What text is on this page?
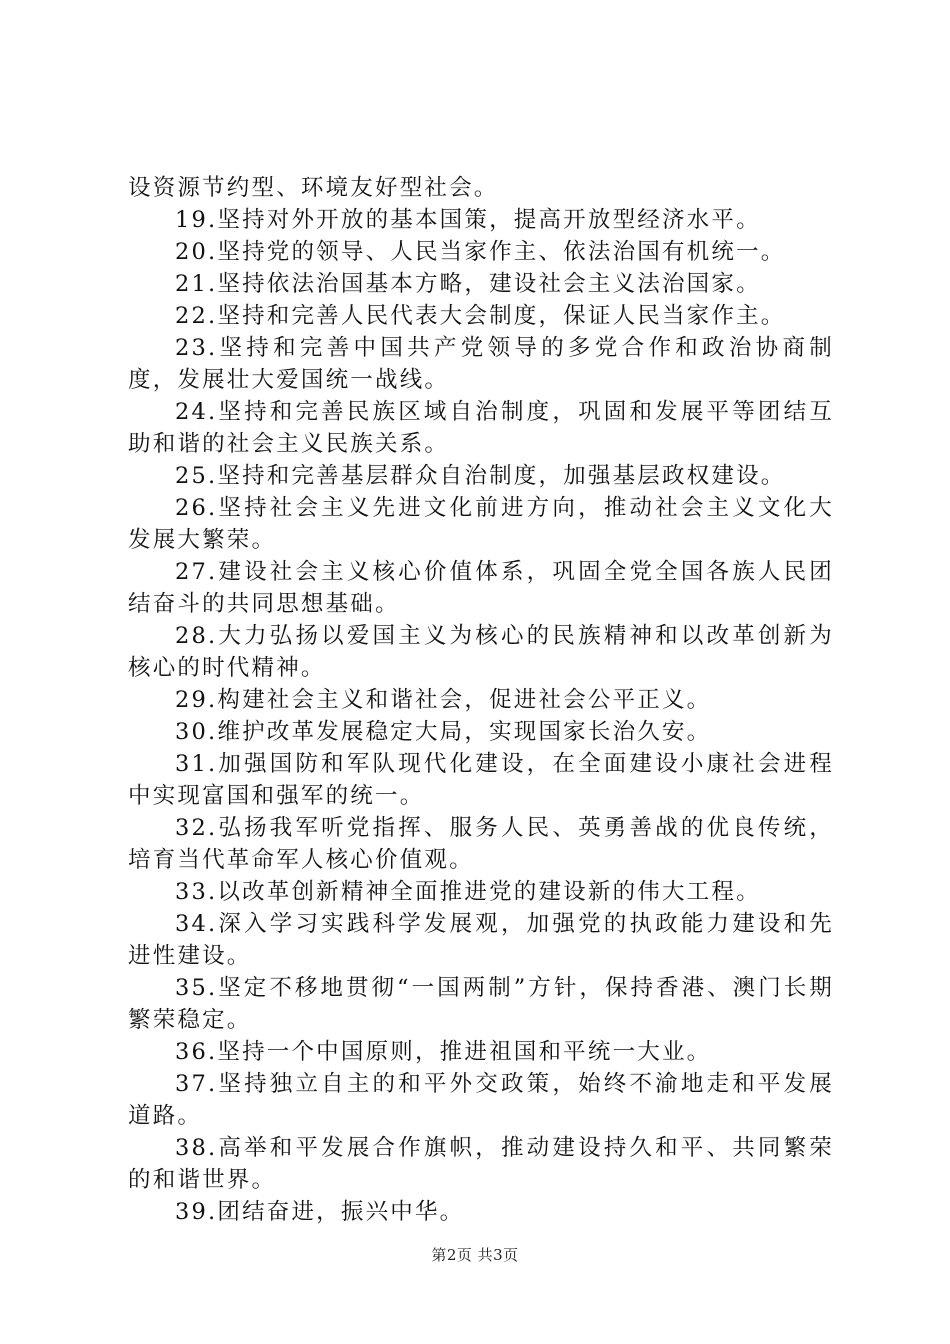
设资源节约型、环境友好型社会。

19.坚持对外开放的基本国策，提高开放型经济水平。

20.坚持党的领导、人民当家作主、依法治国有机统一。

21.坚持依法治国基本方略，建设社会主义法治国家。

22.坚持和完善人民代表大会制度，保证人民当家作主。

23.坚持和完善中国共产党领导的多党合作和政治协商制度，发展壮大爱国统一战线。

24.坚持和完善民族区域自治制度，巩固和发展平等团结互助和谐的社会主义民族关系。

25.坚持和完善基层群众自治制度，加强基层政权建设。

26.坚持社会主义先进文化前进方向，推动社会主义文化大发展大繁荣。

27.建设社会主义核心价值体系，巩固全党全国各族人民团结奋斗的共同思想基础。

28.大力弘扬以爱国主义为核心的民族精神和以改革创新为核心的时代精神。

29.构建社会主义和谐社会，促进社会公平正义。

30.维护改革发展稳定大局，实现国家长治久安。

31.加强国防和军队现代化建设，在全面建设小康社会进程中实现富国和强军的统一。

32.弘扬我军听党指挥、服务人民、英勇善战的优良传统，培育当代革命军人核心价值观。

33.以改革创新精神全面推进党的建设新的伟大工程。

34.深入学习实践科学发展观，加强党的执政能力建设和先进性建设。

35.坚定不移地贯彻“一国两制”方针，保持香港、澳门长期繁荣稳定。

36.坚持一个中国原则，推进祖国和平统一大业。

37.坚持独立自主的和平外交政策，始终不渝地走和平发展道路。

38.高举和平发展合作旗帜，推动建设持久和平、共同繁荣的和谐世界。

39.团结奋进，振兴中华。

第2页 共3页
